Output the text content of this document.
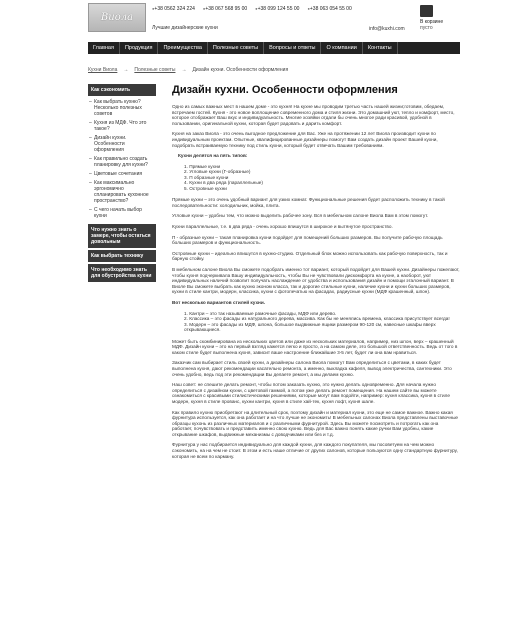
Виола
● +38 0562 324 224	● +38 067 568 95 00	● +38 099 124 55 00	● +38 063 054 55 00
Лучшие дизайнерские кухни	info@kuxhi.com
В корзине
пусто
Главная	Продукция	Преимущества	Полезные советы	Вопросы и ответы	О компании	Контакты
Кухни Виола → Полезные советы → Дизайн кухни. Особенности оформления
Как сэкономить
– Как выбрать кухню? Несколько полезных советов
– Кухня из МДФ. Что это такое?
– Дизайн кухни. Особенности оформления
– Как правильно создать планировку для кухни?
– Цветовые сочетания
– Как максимально эргономично спланировать кухонное пространство?
– С чего начать выбор кухни
Что нужно знать о замере, чтобы остаться довольным
Как выбрать технику
Что необходимо знать для обустройства кухни
Дизайн кухни. Особенности оформления

Одно из самых важных мест в нашем доме - это кухня! На кухне мы проводим третью часть нашей жизни;готовим, обедаем, встречаем гостей. Кухня - это новое воплощение современного дома и стиля жизни. Это домашний уют, тепло и комфорт, место, которое отображает Ваш вкус и индивидуальность. Многие хозяйки отдали бы очень многое ради красивой, удобной в пользовании, оригинальной кухни, которая будет радовать и дарить комфорт.

Кухня на заказ Виола - это очень выгодное предложение для Вас. Уже на протяжении 12 лет Виола производит кухни по индивидуальным проектам. Опытные, квалифицированные дизайнеры помогут Вам создать дизайн проект Вашей кухни, подобрать встраиваемую технику под стиль кухни, который будет отвечать Вашим требованиям.

Кухни делятся на пять типов:

1. Прямые кухни
2. Угловые кухни (Г-образные)
3. П образные кухни
4. Кухни в два ряда (параллельные)
5. Островные кухни

Прямые кухни – это очень удобный вариант для узких комнат. Функциональные решения будет расположить технику в такой последовательности: холодильник, мойка, плита.

Угловые кухни – удобны тем, что можно выделить рабочее зону. Вся в мебельном салоне Виола Вам в этом помогут.

Кухни параллельные, т.е. в два ряда - очень хорошо впишутся в широкое и вытянутое пространство.

П - образные кухни – такая планировка кухни подойдет для помещений больших размеров. Вы получите рабочую площадь больших размеров и функциональность.

Островные кухни – идеально впишутся в кухню-студию. Отдельный блок можно использовать как рабочую поверхность, так и барную стойку.

В мебельном салоне Виола Вы сможете подобрать именно тот вариант, который подойдет для Вашей кухни. Дизайнеры пожелают, чтобы кухня подчеркивала Вашу индивидуальность, чтобы Вы не чувствовали дискомфорта на кухне, а наоборот, уют индивидуальных наличий позволит получать наслаждение от удобства и использования дизайн и помощи эталонный вариант. В Виоле Вы сможете выбрать как кухню эконом класса, так и дорогие стильные кухни, наличие кухни и кухни больших размеров, кухни в стиле кантри, модерн, классика, кухни с фотопечатью на фасадах, радиусные кухни (МДФ крашенный, шпон).

Вот несколько вариантов стилей кухни.

1. Кантри – это так называемые рамочные фасады, МДФ или дерево.
2. Классика – это фасады из натурального дерева, массива. Как бы не менялись времена, классика присутствует всегда!
3. Модерн – это фасады из МДФ, шпона, большое выдвижные ящики размером 90-120 см, навесные шкафы вверх открывающиеся.

Может быть скомбинирована из нескольких цветов или даже из нескольких материалов, например, низ шпон, верх – крашенный МДФ. Дизайн кухни – это на первый взгляд кажется легко и просто, а на самом деле, это большой ответственность. Ведь от того в каком стиле будет выполнена кухня, зависит ваше настроение ближайшие 3-5 лет, будет ли она вам нравиться.

Заказчик сам выбирает стиль своей кухни, а дизайнеры салона Виола помогут Вам определиться с цветами, в каких будет выполнена кухня, дают рекомендации касательно ремонта, а именно, выкладка кафеля, вывод электричества, сантехники. Это очень удобно, ведь под эти рекомендации Вы делаете ремонт, а мы делаем кухню.

Наш совет: не спешите делать ремонт, чтобы потом заказать кухню, это нужно делать одновременно. Для начала нужно определиться с дизайном кухни, с цветовой гаммой, а потом уже делать ремонт помещения. На нашем сайте вы можете ознакомиться с красивыми стилистическими решениями, которые могут вам подойти, например: кухня классика, кухня в стиле модерн, кухня в стиле прованс, кухни кантри, кухня в стиле хай-тек, кухня лофт, кухня шале.

Как правило кухню приобретают на длительный срок, поэтому дизайн и материал кухни, это еще не самое важное. Важно какая фурнитура используется, как она работает и на что лучше не экономить! В мебельных салонах Виола представлены выставочные образцы кухонь из различных материалов и с различными фурнитурой. Здесь Вы можете посмотреть и потрогать как она работает, почувствовать и представить именно свою кухню. Ведь для Вас важно понять какие ручки Вам удобны, какие открывание шкафов, выдвижные механизмы с доводчиками или без и т.д.

Фурнитура у нас подбирается индивидуально для каждой кухни, для каждого покупателя, мы посоветуем на чем можно сэкономить, на на чем не стоит. В этом и есть наше отличие от других салонов, которые пользуются одну стандартную фурнитуру, которая не всем по карману.
